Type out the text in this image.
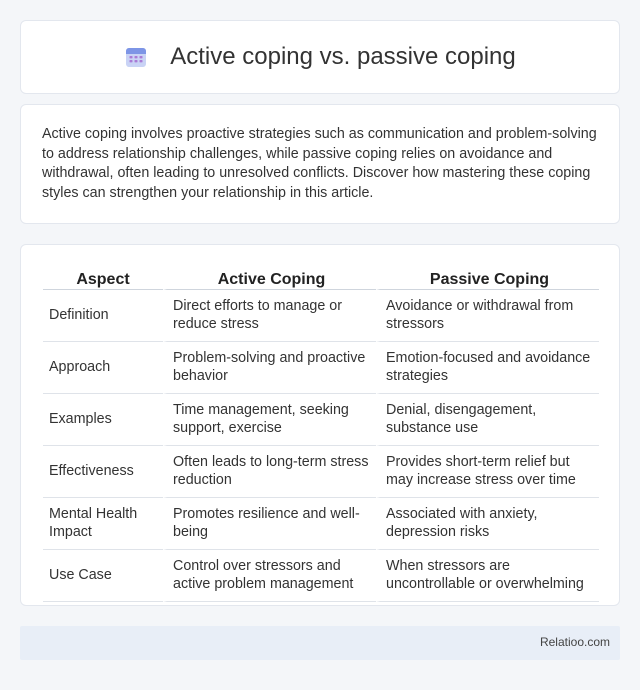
Active coping vs. passive coping

Active coping involves proactive strategies such as communication and problem-solving to address relationship challenges, while passive coping relies on avoidance and withdrawal, often leading to unresolved conflicts. Discover how mastering these coping styles can strengthen your relationship in this article.

Aspect	Active Coping	Passive Coping
Definition	Direct efforts to manage or reduce stress	Avoidance or withdrawal from stressors
Approach	Problem-solving and proactive behavior	Emotion-focused and avoidance strategies
Examples	Time management, seeking support, exercise	Denial, disengagement, substance use
Effectiveness	Often leads to long-term stress reduction	Provides short-term relief but may increase stress over time
Mental Health Impact	Promotes resilience and well-being	Associated with anxiety, depression risks
Use Case	Control over stressors and active problem management	When stressors are uncontrollable or overwhelming
Relatioo.com
